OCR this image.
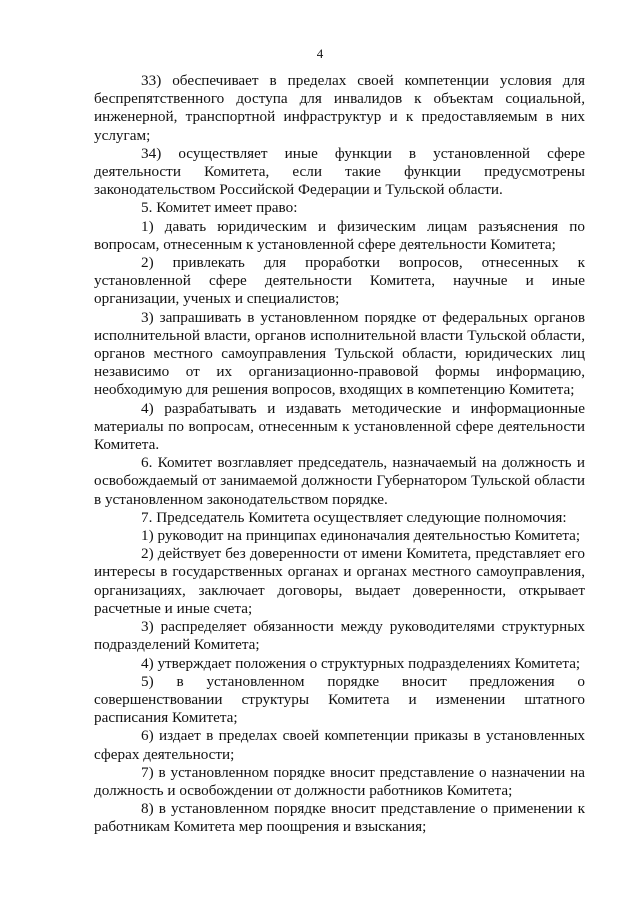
4

33) обеспечивает в пределах своей компетенции условия для беспрепятственного доступа для инвалидов к объектам социальной, инженерной, транспортной инфраструктур и к предоставляемым в них услугам;

34) осуществляет иные функции в установленной сфере деятельности Комитета, если такие функции предусмотрены законодательством Российской Федерации и Тульской области.

5. Комитет имеет право:

1) давать юридическим и физическим лицам разъяснения по вопросам, отнесенным к установленной сфере деятельности Комитета;

2) привлекать для проработки вопросов, отнесенных к установленной сфере деятельности Комитета, научные и иные организации, ученых и специалистов;

3) запрашивать в установленном порядке от федеральных органов исполнительной власти, органов исполнительной власти Тульской области, органов местного самоуправления Тульской области, юридических лиц независимо от их организационно-правовой формы информацию, необходимую для решения вопросов, входящих в компетенцию Комитета;

4) разрабатывать и издавать методические и информационные материалы по вопросам, отнесенным к установленной сфере деятельности Комитета.

6. Комитет возглавляет председатель, назначаемый на должность и освобождаемый от занимаемой должности Губернатором Тульской области в установленном законодательством порядке.

7. Председатель Комитета осуществляет следующие полномочия:

1) руководит на принципах единоначалия деятельностью Комитета;

2) действует без доверенности от имени Комитета, представляет его интересы в государственных органах и органах местного самоуправления, организациях, заключает договоры, выдает доверенности, открывает расчетные и иные счета;

3) распределяет обязанности между руководителями структурных подразделений Комитета;

4) утверждает положения о структурных подразделениях Комитета;

5) в установленном порядке вносит предложения о совершенствовании структуры Комитета и изменении штатного расписания Комитета;

6) издает в пределах своей компетенции приказы в установленных сферах деятельности;

7) в установленном порядке вносит представление о назначении на должность и освобождении от должности работников Комитета;

8) в установленном порядке вносит представление о применении к работникам Комитета мер поощрения и взыскания;
